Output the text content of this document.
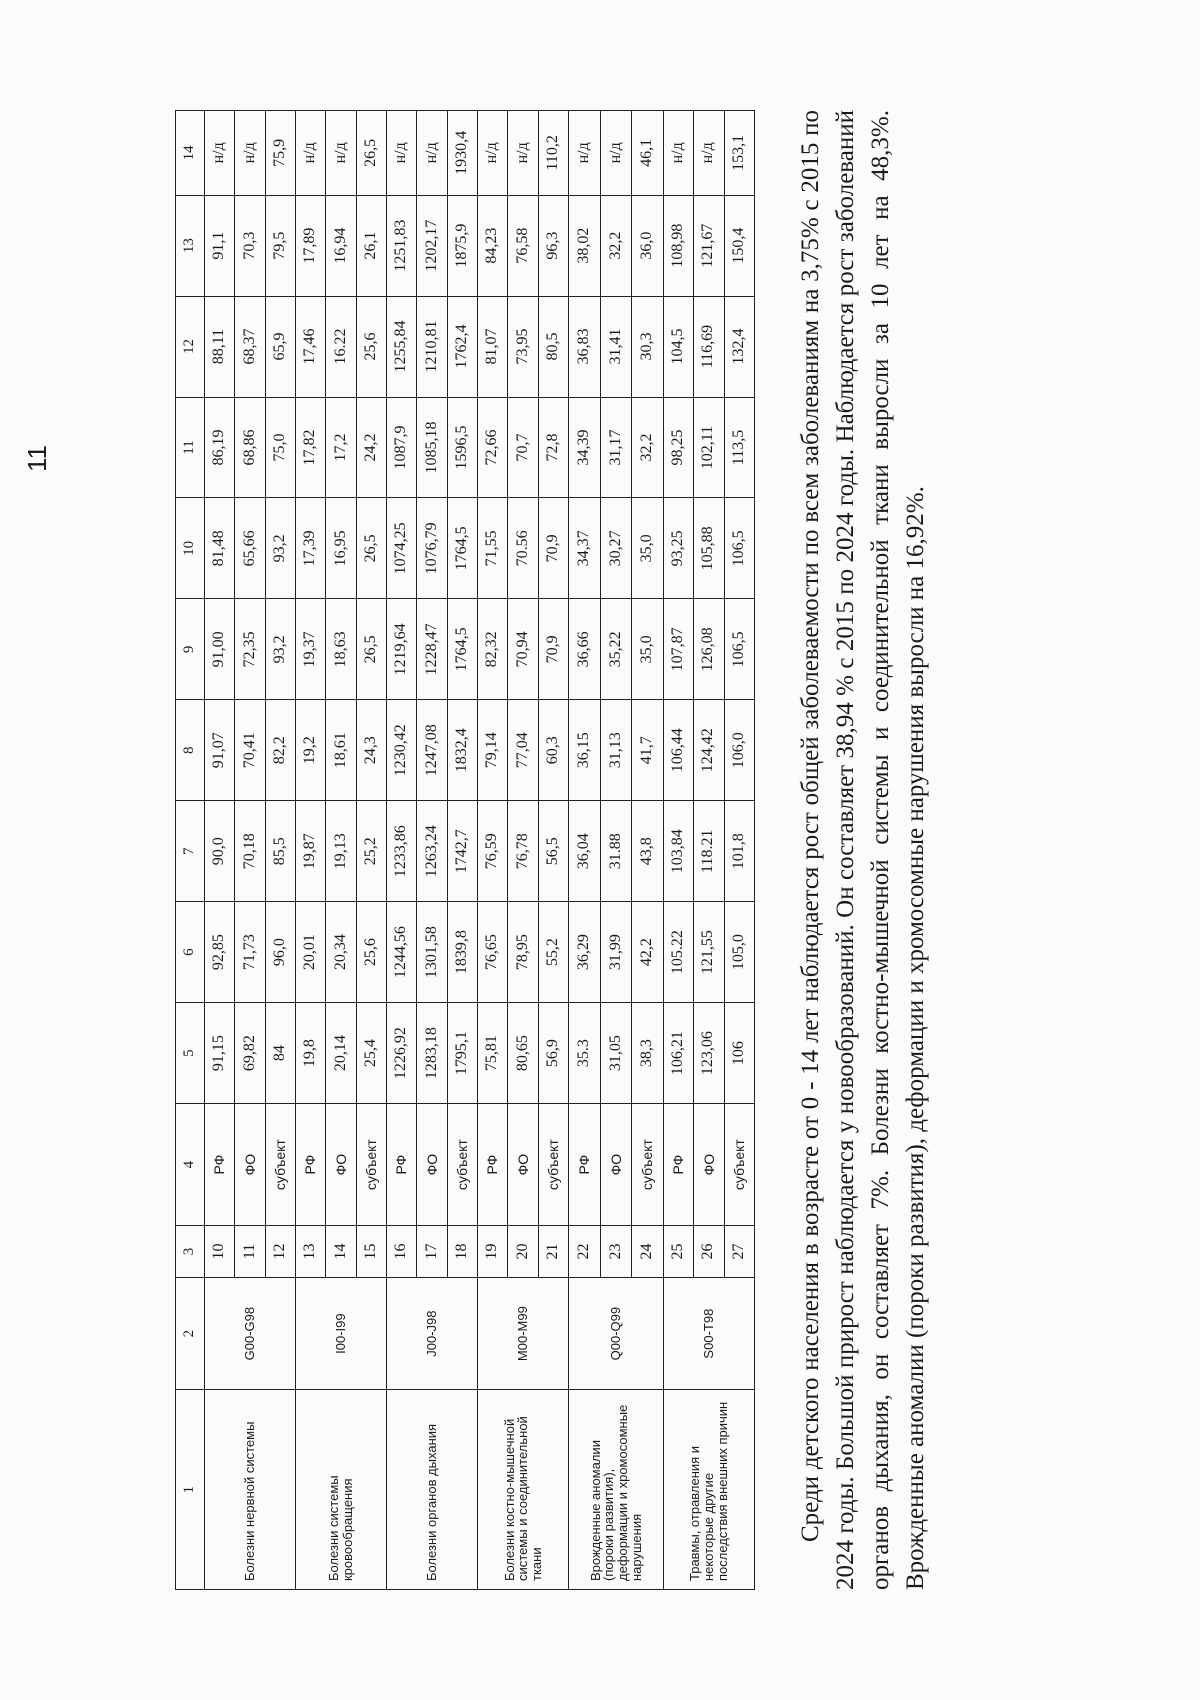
11
1	2	3	4	5	6	7	8	9	10	11	12	13	14
Болезни нервной системы	G00-G98	10	РФ	91,15	92,85	90,0	91,07	91,00	81,48	86,19	88,11	91,1	н/д
		11	ФО	69,82	71,73	70,18	70,41	72,35	65,66	68,86	68,37	70,3	н/д
		12	субъект	84	96,0	85,5	82,2	93,2	93,2	75,0	65,9	79,5	75,9
Болезни системы кровообращения	I00-I99	13	РФ	19,8	20,01	19,87	19,2	19,37	17,39	17,82	17,46	17,89	н/д
		14	ФО	20,14	20,34	19,13	18,61	18,63	16,95	17,2	16.22	16,94	н/д
		15	субъект	25,4	25,6	25,2	24,3	26,5	26,5	24,2	25,6	26,1	26,5
Болезни органов дыхания	J00-J98	16	РФ	1226,92	1244,56	1233,86	1230,42	1219,64	1074,25	1087,9	1255,84	1251,83	н/д
		17	ФО	1283,18	1301,58	1263,24	1247,08	1228,47	1076,79	1085,18	1210,81	1202,17	н/д
		18	субъект	1795,1	1839,8	1742,7	1832,4	1764,5	1764,5	1596,5	1762,4	1875,9	1930,4
Болезни костно-мышечной системы и соединительной ткани	M00-M99	19	РФ	75,81	76,65	76,59	79,14	82,32	71,55	72,66	81,07	84,23	н/д
		20	ФО	80,65	78,95	76,78	77,04	70,94	70.56	70,7	73,95	76,58	н/д
		21	субъект	56,9	55,2	56,5	60,3	70,9	70,9	72,8	80,5	96,3	110,2
Врожденные аномалии (пороки развития), деформации и хромосомные нарушения	Q00-Q99	22	РФ	35.3	36,29	36,04	36,15	36,66	34,37	34,39	36,83	38,02	н/д
		23	ФО	31,05	31,99	31.88	31,13	35,22	30,27	31,17	31,41	32,2	н/д
		24	субъект	38,3	42,2	43,8	41,7	35,0	35,0	32,2	30,3	36,0	46,1
Травмы, отравления и некоторые другие последствия внешних причин	S00-T98	25	РФ	106,21	105.22	103,84	106,44	107,87	93,25	98,25	104,5	108,98	н/д
		26	ФО	123,06	121,55	118.21	124,42	126,08	105,88	102,11	116,69	121,67	н/д
		27	субъект	106	105,0	101,8	106,0	106,5	106,5	113,5	132,4	150,4	153,1 Среди детского населения в возрасте от 0 - 14 лет наблюдается рост общей заболеваемости по всем заболеваниям на 3,75% с 2015 по 2024 годы. Большой прирост наблюдается у новообразований. Он составляет 38,94 % с 2015 по 2024 годы. Наблюдается рост заболеваний органов дыхания, он составляет 7%. Болезни костно-мышечной системы и соединительной ткани выросли за 10 лет на 48,3%. Врожденные аномалии (пороки развития), деформации и хромосомные нарушения выросли на 16,92%.
